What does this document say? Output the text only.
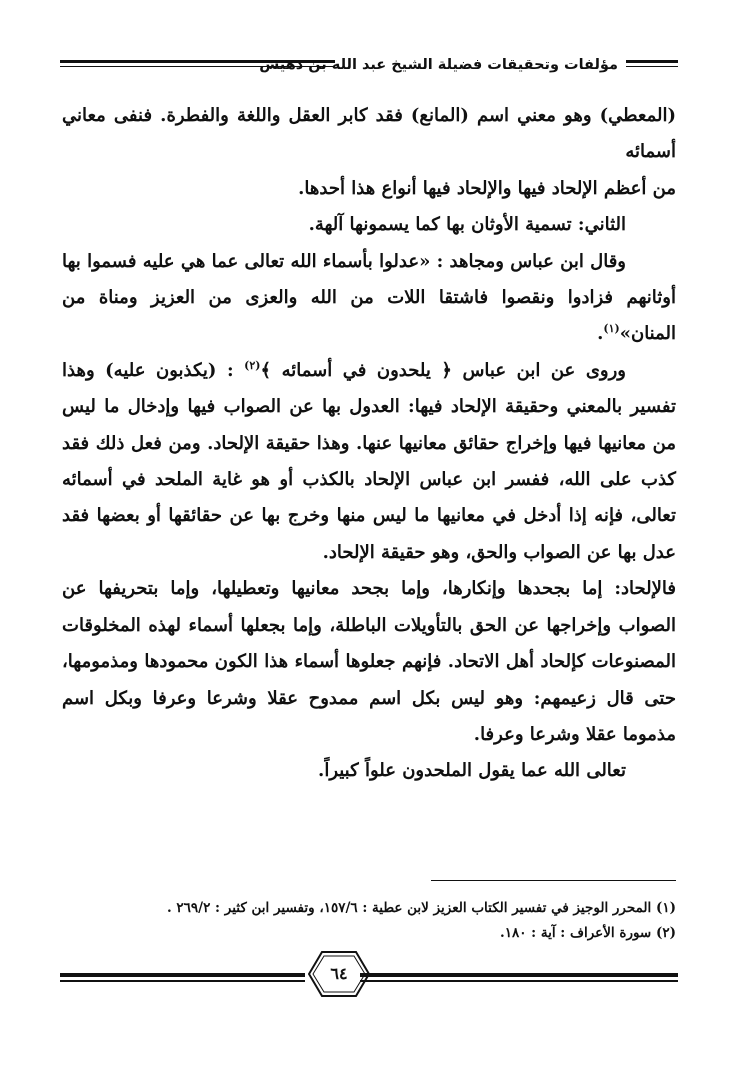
مؤلفات وتحقيقات فضيلة الشيخ عبد الله بن دهيش

(المعطي) وهو معني اسم (المانع) فقد كابر العقل واللغة والفطرة. فنفى معاني أسمائه

من أعظم الإلحاد فيها والإلحاد فيها أنواع هذا أحدها.

الثاني: تسمية الأوثان بها كما يسمونها آلهة.

وقال ابن عباس ومجاهد : «عدلوا بأسماء الله تعالى عما هي عليه فسموا بها أوثانهم فزادوا ونقصوا فاشتقا اللات من الله والعزى من العزيز ومناة من المنان»$^{(١)}$.

وروى عن ابن عباس ﴿ يلحدون في أسمائه ﴾$^{(٢)}$ : (يكذبون عليه) وهذا تفسير بالمعني وحقيقة الإلحاد فيها: العدول بها عن الصواب فيها وإدخال ما ليس من معانيها فيها وإخراج حقائق معانيها عنها. وهذا حقيقة الإلحاد. ومن فعل ذلك فقد كذب على الله، ففسر ابن عباس الإلحاد بالكذب أو هو غاية الملحد في أسمائه تعالى، فإنه إذا أدخل في معانيها ما ليس منها وخرج بها عن حقائقها أو بعضها فقد عدل بها عن الصواب والحق، وهو حقيقة الإلحاد.

فالإلحاد: إما بجحدها وإنكارها، وإما بجحد معانيها وتعطيلها، وإما بتحريفها عن الصواب وإخراجها عن الحق بالتأويلات الباطلة، وإما بجعلها أسماء لهذه المخلوقات المصنوعات كإلحاد أهل الاتحاد. فإنهم جعلوها أسماء هذا الكون محمودها ومذمومها، حتى قال زعيمهم: وهو ليس بكل اسم ممدوح عقلا وشرعا وعرفا وبكل اسم مذموما عقلا وشرعا وعرفا.

تعالى الله عما يقول الملحدون علواً كبيراً.

(١) المحرر الوجيز في تفسير الكتاب العزيز لابن عطية : ١٥٧/٦، وتفسير ابن كثير : ٢٦٩/٢ .

(٢) سورة الأعراف : آية : ١٨٠.

٦٤
